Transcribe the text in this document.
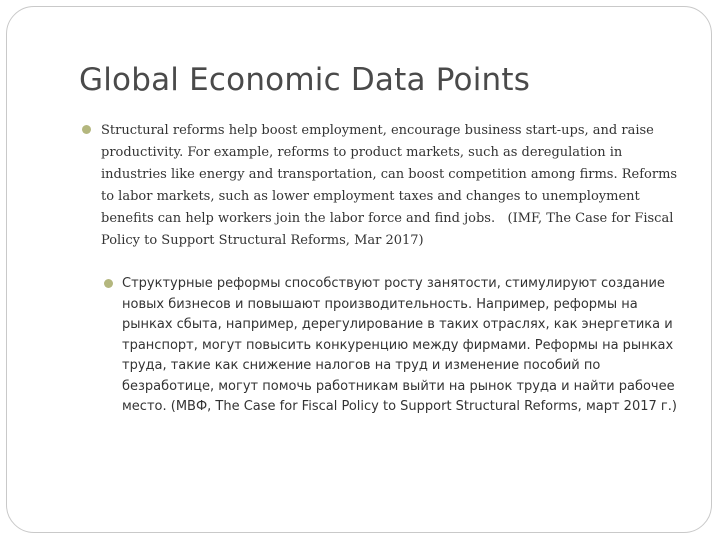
Global Economic Data Points

Structural reforms help boost employment, encourage business start-ups, and raise productivity. For example, reforms to product markets, such as deregulation in industries like energy and transportation, can boost competition among firms. Reforms to labor markets, such as lower employment taxes and changes to unemployment benefits can help workers join the labor force and find jobs.   (IMF, The Case for Fiscal Policy to Support Structural Reforms, Mar 2017)

Структурные реформы способствуют росту занятости, стимулируют создание новых бизнесов и повышают производительность. Например, реформы на рынках сбыта, например, дерегулирование в таких отраслях, как энергетика и транспорт, могут повысить конкуренцию между фирмами. Реформы на рынках труда, такие как снижение налогов на труд и изменение пособий по безработице, могут помочь работникам выйти на рынок труда и найти рабочее место. (МВФ, The Case for Fiscal Policy to Support Structural Reforms, март 2017 г.)
